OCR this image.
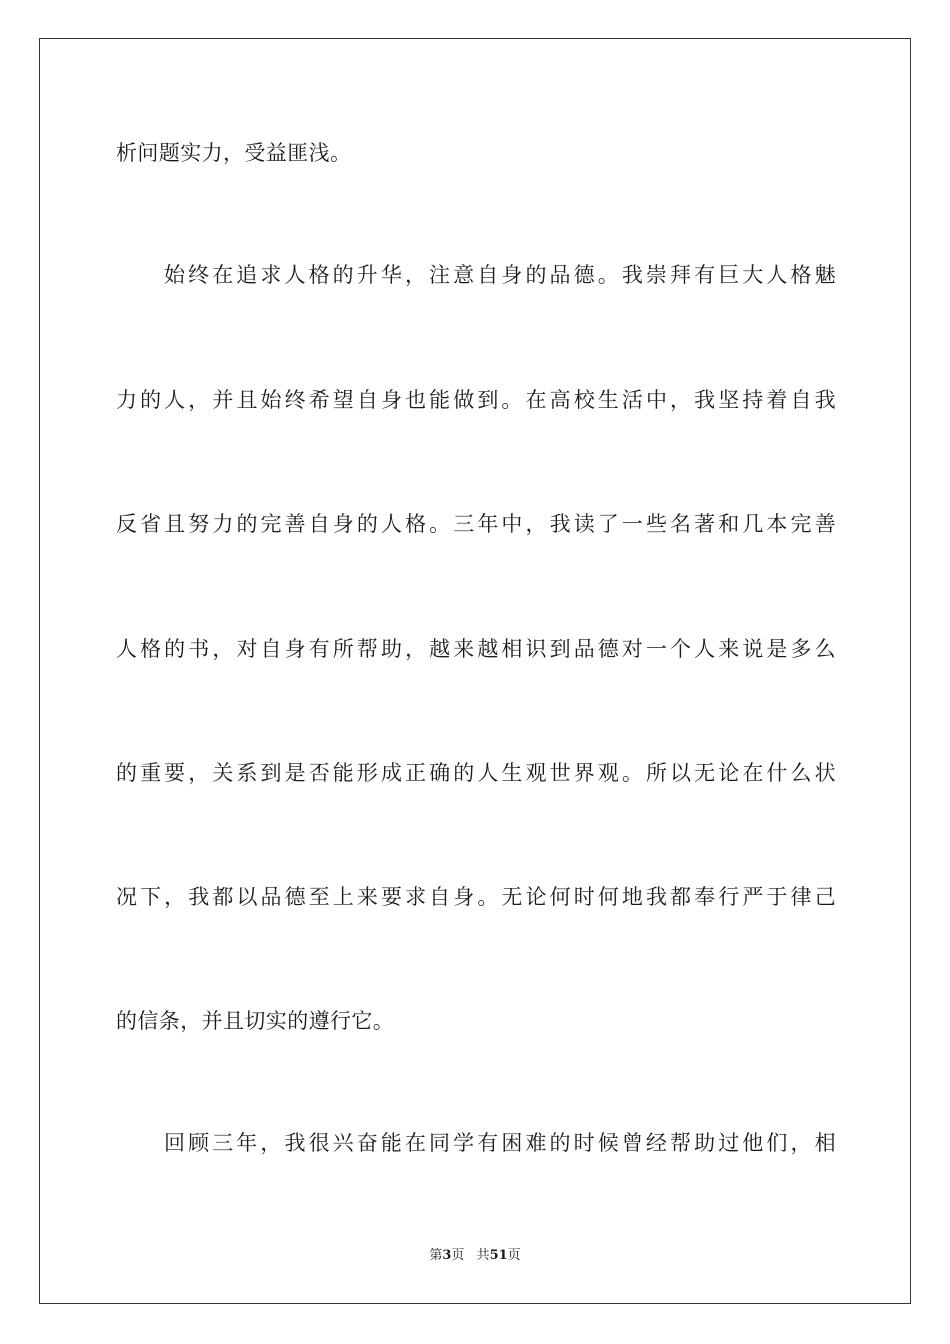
析问题实力，受益匪浅。
始终在追求人格的升华，注意自身的品德。我崇拜有巨大人格魅
力的人，并且始终希望自身也能做到。在高校生活中，我坚持着自我
反省且努力的完善自身的人格。三年中，我读了一些名著和几本完善
人格的书，对自身有所帮助，越来越相识到品德对一个人来说是多么
的重要，关系到是否能形成正确的人生观世界观。所以无论在什么状
况下，我都以品德至上来要求自身。无论何时何地我都奉行严于律己
的信条，并且切实的遵行它。
回顾三年，我很兴奋能在同学有困难的时候曾经帮助过他们，相
第3页 共51页
